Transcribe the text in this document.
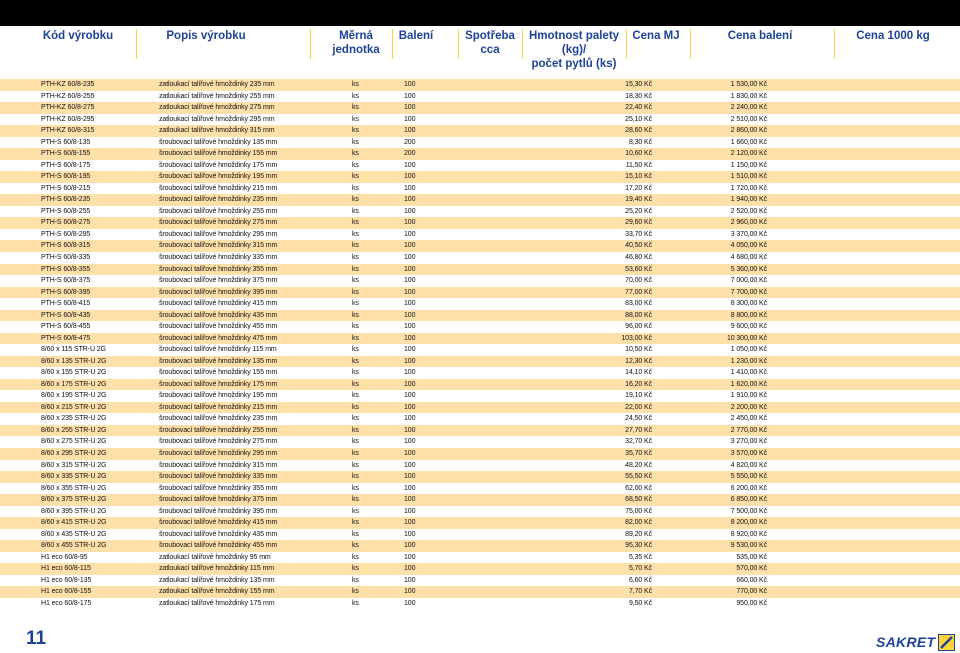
Kód výrobku	Popis výrobku	Měrná
jednotka
Balení	Spotřeba
cca
Hmotnost palety (kg)/
počet pytlů (ks)
Cena MJ	Cena balení	Cena 1000 kg
PTH-KZ 60/8-235	zatloukací talířové hmoždinky 235 mm	ks	100	15,30 Kč	1 530,00 Kč
PTH-KZ 60/8-255	zatloukací talířové hmoždinky 255 mm	ks	100	18,30 Kč	1 830,00 Kč
PTH-KZ 60/8-275	zatloukací talířové hmoždinky 275 mm	ks	100	22,40 Kč	2 240,00 Kč
PTH-KZ 60/8-295	zatloukací talířové hmoždinky 295 mm	ks	100	25,10 Kč	2 510,00 Kč
PTH-KZ 60/8-315	zatloukací talířové hmoždinky 315 mm	ks	100	28,60 Kč	2 860,00 Kč
PTH-S 60/8-135	šroubovací talířové hmoždinky 135 mm	ks	200	8,30 Kč	1 660,00 Kč
PTH-S 60/8-155	šroubovací talířové hmoždinky 155 mm	ks	200	10,60 Kč	2 120,00 Kč
PTH-S 60/8-175	šroubovací talířové hmoždinky 175 mm	ks	100	11,50 Kč	1 150,00 Kč
PTH-S 60/8-195	šroubovací talířové hmoždinky 195 mm	ks	100	15,10 Kč	1 510,00 Kč
PTH-S 60/8-215	šroubovací talířové hmoždinky 215 mm	ks	100	17,20 Kč	1 720,00 Kč
PTH-S 60/8-235	šroubovací talířové hmoždinky 235 mm	ks	100	19,40 Kč	1 940,00 Kč
PTH-S 60/8-255	šroubovací talířové hmoždinky 255 mm	ks	100	25,20 Kč	2 520,00 Kč
PTH-S 60/8-275	šroubovací talířové hmoždinky 275 mm	ks	100	29,60 Kč	2 960,00 Kč
PTH-S 60/8-295	šroubovací talířové hmoždinky 295 mm	ks	100	33,70 Kč	3 370,00 Kč
PTH-S 60/8-315	šroubovací talířové hmoždinky 315 mm	ks	100	40,50 Kč	4 050,00 Kč
PTH-S 60/8-335	šroubovací talířové hmoždinky 335 mm	ks	100	46,80 Kč	4 680,00 Kč
PTH-S 60/8-355	šroubovací talířové hmoždinky 355 mm	ks	100	53,60 Kč	5 360,00 Kč
PTH-S 60/8-375	šroubovací talířové hmoždinky 375 mm	ks	100	70,00 Kč	7 000,00 Kč
PTH-S 60/8-395	šroubovací talířové hmoždinky 395 mm	ks	100	77,00 Kč	7 700,00 Kč
PTH-S 60/8-415	šroubovací talířové hmoždinky 415 mm	ks	100	83,00 Kč	8 300,00 Kč
PTH-S 60/8-435	šroubovací talířové hmoždinky 435 mm	ks	100	88,00 Kč	8 800,00 Kč
PTH-S 60/8-455	šroubovací talířové hmoždinky 455 mm	ks	100	96,00 Kč	9 600,00 Kč
PTH-S 60/8-475	šroubovací talířové hmoždinky 475 mm	ks	100	103,00 Kč	10 300,00 Kč
8/60 x 115 STR-U 2G	šroubovací talířové hmoždinky 115 mm	ks	100	10,50 Kč	1 050,00 Kč
8/60 x 135 STR-U 2G	šroubovací talířové hmoždinky 135 mm	ks	100	12,30 Kč	1 230,00 Kč
8/60 x 155 STR-U 2G	šroubovací talířové hmoždinky 155 mm	ks	100	14,10 Kč	1 410,00 Kč
8/60 x 175 STR-U 2G	šroubovací talířové hmoždinky 175 mm	ks	100	16,20 Kč	1 620,00 Kč
8/60 x 195 STR-U 2G	šroubovací talířové hmoždinky 195 mm	ks	100	19,10 Kč	1 910,00 Kč
8/60 x 215 STR-U 2G	šroubovací talířové hmoždinky 215 mm	ks	100	22,00 Kč	2 200,00 Kč
8/60 x 235 STR-U 2G	šroubovací talířové hmoždinky 235 mm	ks	100	24,50 Kč	2 450,00 Kč
8/60 x 255 STR-U 2G	šroubovací talířové hmoždinky 255 mm	ks	100	27,70 Kč	2 770,00 Kč
8/60 x 275 STR-U 2G	šroubovací talířové hmoždinky 275 mm	ks	100	32,70 Kč	3 270,00 Kč
8/60 x 295 STR-U 2G	šroubovací talířové hmoždinky 295 mm	ks	100	35,70 Kč	3 570,00 Kč
8/60 x 315 STR-U 2G	šroubovací talířové hmoždinky 315 mm	ks	100	48,20 Kč	4 820,00 Kč
8/60 x 335 STR-U 2G	šroubovací talířové hmoždinky 335 mm	ks	100	55,50 Kč	5 550,00 Kč
8/60 x 355 STR-U 2G	šroubovací talířové hmoždinky 355 mm	ks	100	62,00 Kč	6 200,00 Kč
8/60 x 375 STR-U 2G	šroubovací talířové hmoždinky 375 mm	ks	100	68,50 Kč	6 850,00 Kč
8/60 x 395 STR-U 2G	šroubovací talířové hmoždinky 395 mm	ks	100	75,00 Kč	7 500,00 Kč
8/60 x 415 STR-U 2G	šroubovací talířové hmoždinky 415 mm	ks	100	82,00 Kč	8 200,00 Kč
8/60 x 435 STR-U 2G	šroubovací talířové hmoždinky 435 mm	ks	100	89,20 Kč	8 920,00 Kč
8/60 x 455 STR-U 2G	šroubovací talířové hmoždinky 455 mm	ks	100	95,30 Kč	9 530,00 Kč
H1 eco 60/8-95	zatloukací talířové hmoždinky 95 mm	ks	100	5,35 Kč	535,00 Kč
H1 eco 60/8-115	zatloukací talířové hmoždinky 115 mm	ks	100	5,70 Kč	570,00 Kč
H1 eco 60/8-135	zatloukací talířové hmoždinky 135 mm	ks	100	6,60 Kč	660,00 Kč
H1 eco 60/8-155	zatloukací talířové hmoždinky 155 mm	ks	100	7,70 Kč	770,00 Kč
H1 eco 60/8-175	zatloukací talířové hmoždinky 175 mm	ks	100	9,50 Kč	950,00 Kč
11	SAKRET
